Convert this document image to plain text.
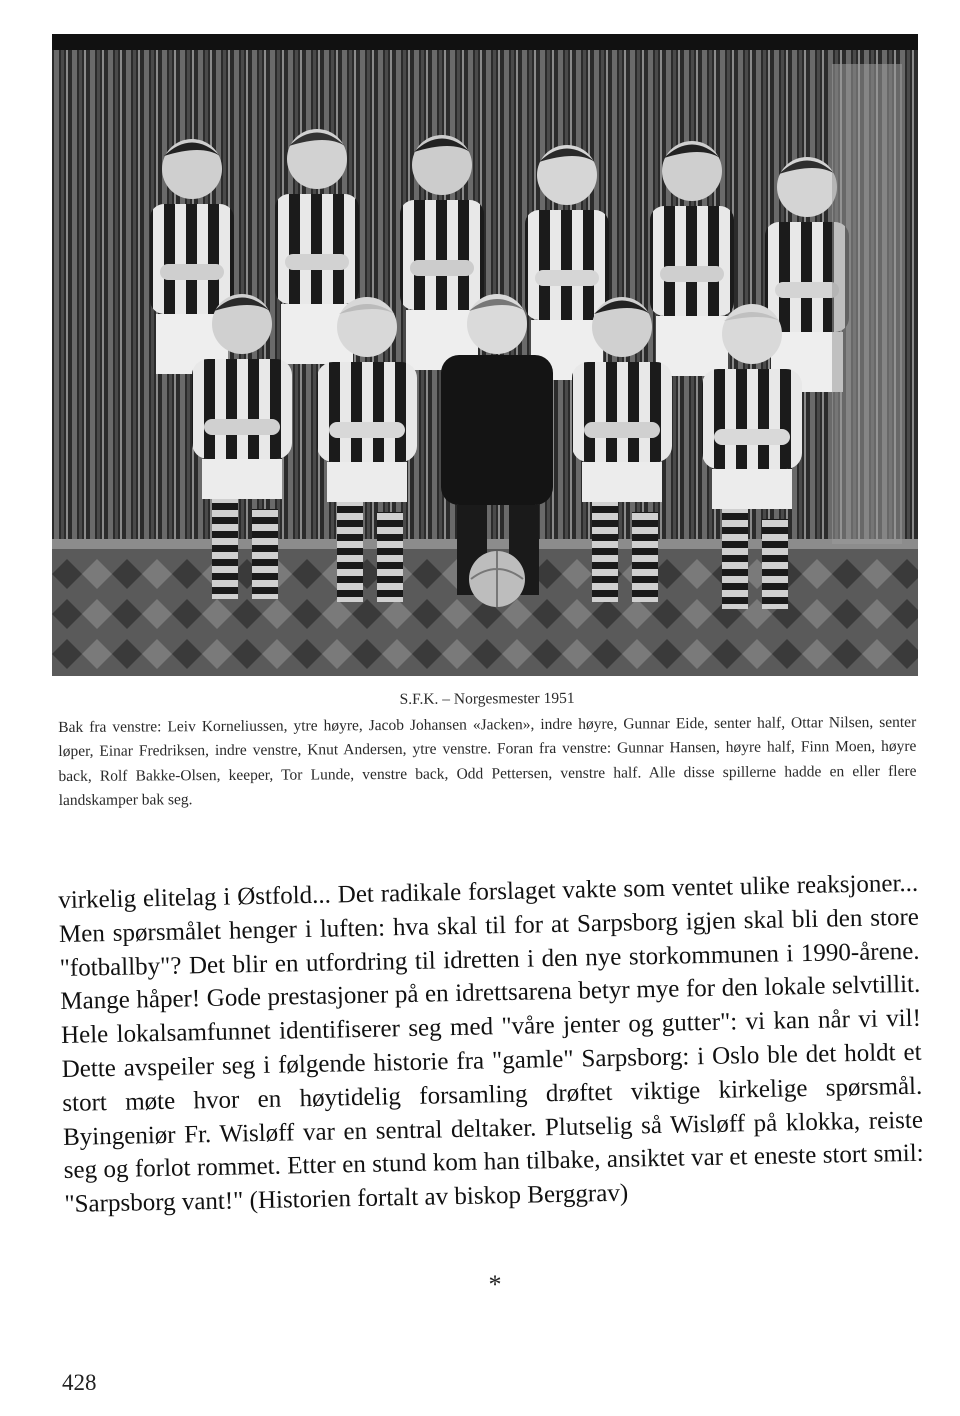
S.F.K. – Norgesmester 1951

Bak fra venstre: Leiv Korneliussen, ytre høyre, Jacob Johansen «Jacken», indre høyre, Gunnar Eide, senter half, Ottar Nilsen, senter løper, Einar Fredriksen, indre venstre, Knut Andersen, ytre venstre. Foran fra venstre: Gunnar Hansen, høyre half, Finn Moen, høyre back, Rolf Bakke-Olsen, keeper, Tor Lunde, venstre back, Odd Pettersen, venstre half. Alle disse spillerne hadde en eller flere landskamper bak seg.

virkelig elitelag i Østfold... Det radikale forslaget vakte som ventet ulike reaksjoner... Men spørsmålet henger i luften: hva skal til for at Sarpsborg igjen skal bli den store "fotballby"? Det blir en utfordring til idretten i den nye storkommunen i 1990-årene. Mange håper! Gode prestasjoner på en idrettsarena betyr mye for den lokale selvtillit. Hele lokalsamfunnet identifiserer seg med "våre jenter og gutter": vi kan når vi vil! Dette avspeiler seg i følgende historie fra "gamle" Sarpsborg: i Oslo ble det holdt et stort møte hvor en høytidelig forsamling drøftet viktige kirkelige spørsmål. Byingeniør Fr. Wisløff var en sentral deltaker. Plutselig så Wisløff på klokka, reiste seg og forlot rommet. Etter en stund kom han tilbake, ansiktet var et eneste stort smil: "Sarpsborg vant!" (Historien fortalt av biskop Berggrav)

*
428
